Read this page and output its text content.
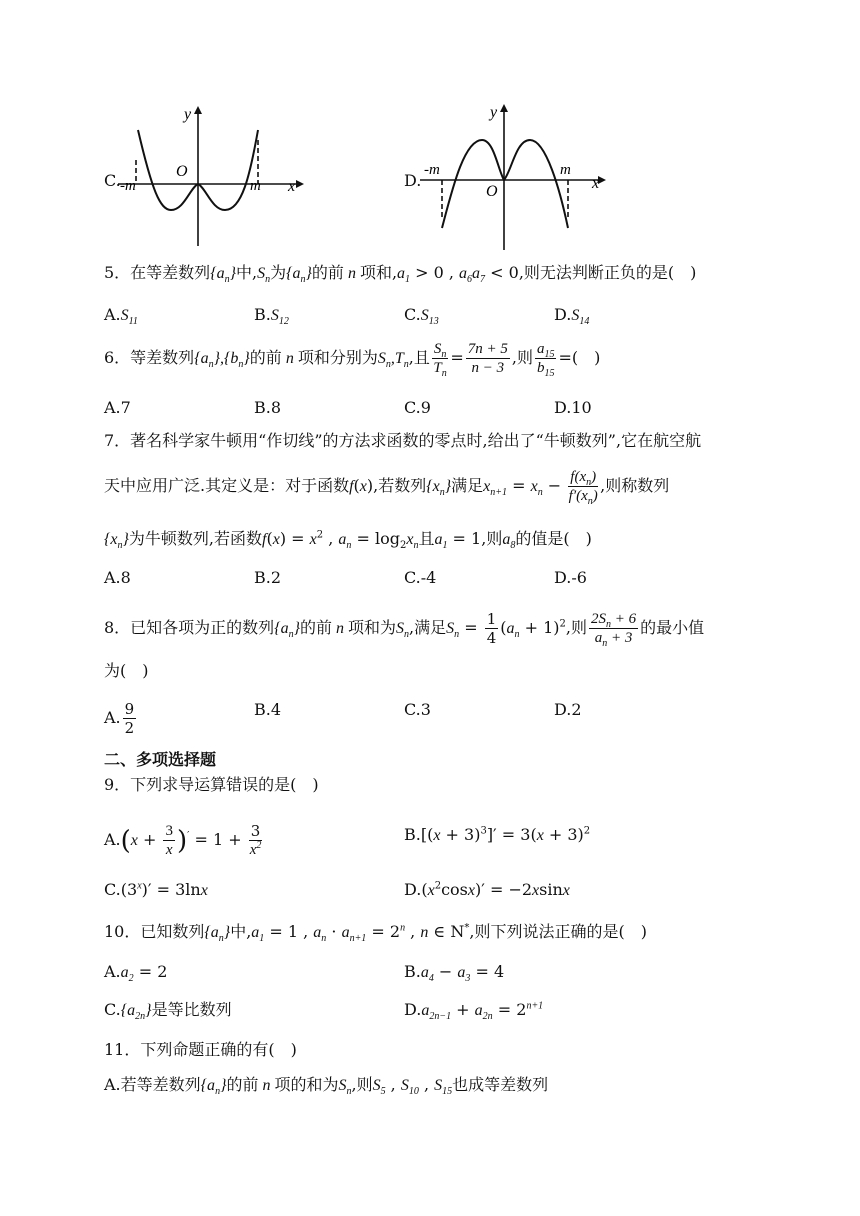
C.
y
x
O
-m	m	D.
y
x
O
-m	m
5．在等差数列$\{a_n\}$中$,S_n$为$\{a_n\}$的前 n 项和$,a_1 > 0$ , $a_6a_7 < 0$,则无法判断正负的是(　)
$A.S_{11}$	$B.S_{12}$	$C.S_{13}$	$D.S_{14}$
6．等差数列$\{a_n\},\{b_n\}$的前 n 项和分别为$S_n,T_n$,且 $\frac{S_n}{T_n} = \frac{7n + 5}{n - 3}$ ,则 $\frac{a_{15}}{b_{15}}$ =(　)
A.7	B.8	C.9	D.10
7．著名科学家牛顿用“作切线”的方法求函数的零点时,给出了“牛顿数列”,它在航空航
天中应用广泛.其定义是：对于函数f(x),若数列$\{x_n\}$满足$x_{n+1} = x_n - \frac{f(x_n)}{f'(x_n)}$ ,则称数列
$\{x_n\}$为牛顿数列,若函数$f(x) = x^2$ , $a_n = \log_2x_n$且$a_1 = 1$,则$a_8$的值是(　)
A.8	B.2	C.-4	D.-6
8．已知各项为正的数列$\{a_n\}$的前 n 项和为$S_n$,满足$S_n = \frac{1}{4} (a_n + 1)^2$,则 $\frac{2S_n + 6}{a_n + 3}$ 的最小值
为(　)
A. $\frac{9}{2}$	B.4	C.3	D.2
二、多项选择题
9．下列求导运算错误的是(　)
$A.(x + \frac{3}{x} )' = 1 + \frac{3}{x^2}$	$B.[(x + 3)^3]' = 3(x + 3)^2$
$C.(3^x)' = 3\ln x$	$D.(x^2\cos x)' = -2xsinx$
10．已知数列$\{a_n\}$中$,a_1 = 1$ , $a_n \cdot a_{n+1} = 2^n$ , n ∈ N*,则下列说法正确的是(　)
$A.a_2 = 2$	$B.a_4 - a_3 = 4$
$C.\{a_{2n}\}$是等比数列	$D.a_{2n-1} + a_{2n} = 2^{n+1}$
11．下列命题正确的有(　)
A.若等差数列$\{a_n\}$的前 n 项的和为$S_n$,则$S_5$ , $S_{10}$ , $S_{15}$也成等差数列
